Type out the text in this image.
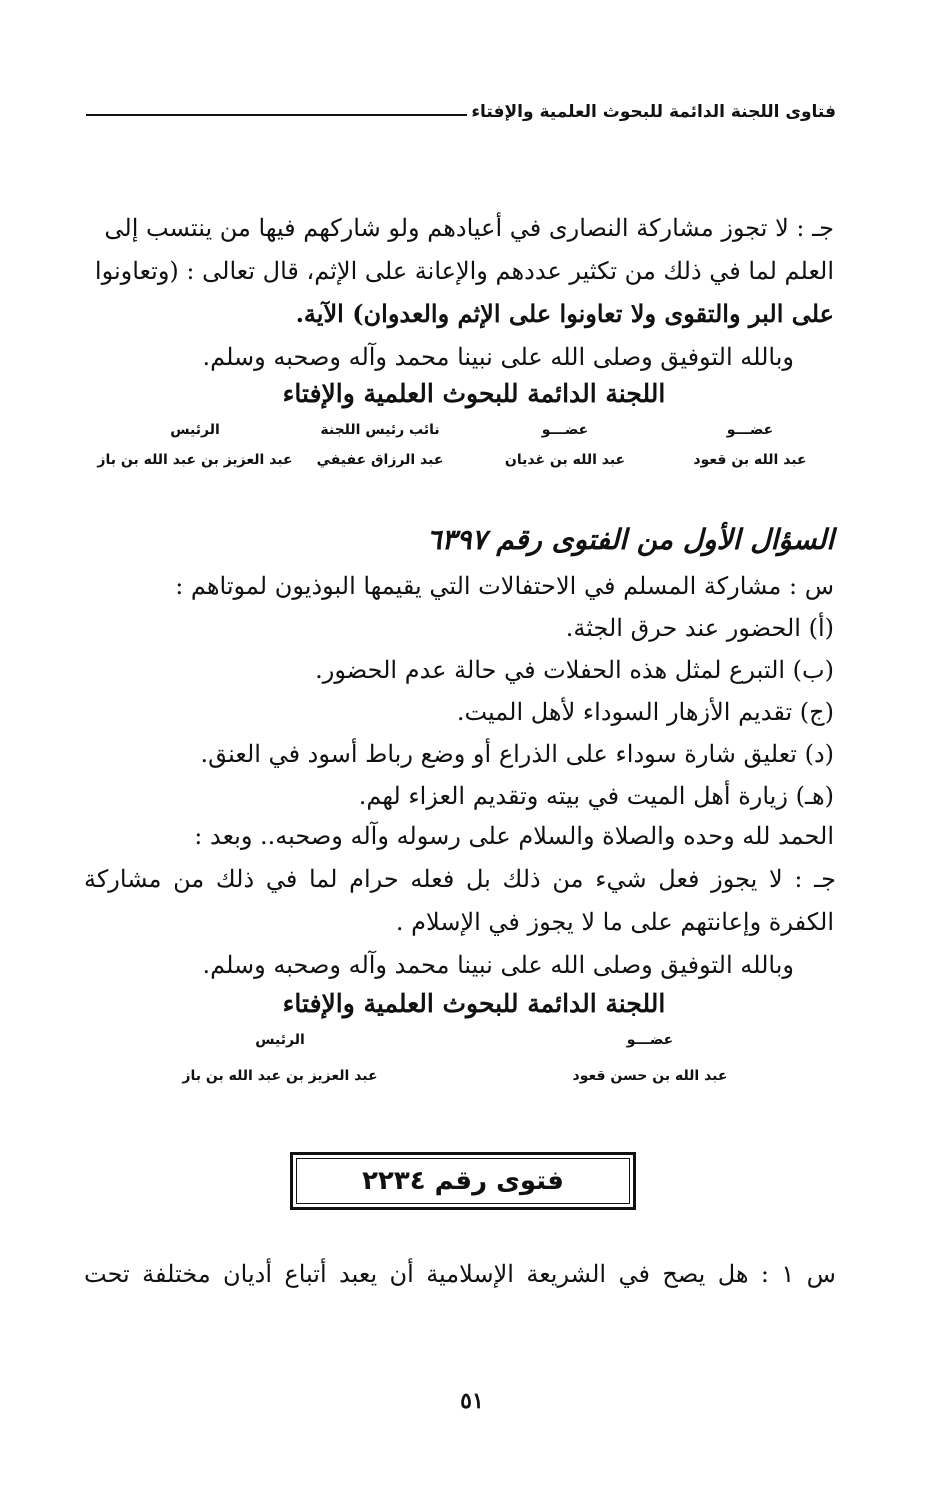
فتاوى اللجنة الدائمة للبحوث العلمية والإفتاء
جـ : لا تجوز مشاركة النصارى في أعيادهم ولو شاركهم فيها من ينتسب إلى
العلم لما في ذلك من تكثير عددهم والإعانة على الإثم، قال تعالى : (وتعاونوا
على البر والتقوى ولا تعاونوا على الإثم والعدوان) الآية.
وبالله التوفيق وصلى الله على نبينا محمد وآله وصحبه وسلم.
اللجنة الدائمة للبحوث العلمية والإفتاء
الرئيس
عبد العزيز بن عبد الله بن باز
نائب رئيس اللجنة
عبد الرزاق عفيفي
عضـــو
عبد الله بن غديان
عضـــو
عبد الله بن قعود
السؤال الأول من الفتوى رقم ٦٣٩٧
س : مشاركة المسلم في الاحتفالات التي يقيمها البوذيون لموتاهم :
(أ) الحضور عند حرق الجثة.
(ب) التبرع لمثل هذه الحفلات في حالة عدم الحضور.
(ج) تقديم الأزهار السوداء لأهل الميت.
(د) تعليق شارة سوداء على الذراع أو وضع رباط أسود في العنق.
(هـ) زيارة أهل الميت في بيته وتقديم العزاء لهم.
الحمد لله وحده والصلاة والسلام على رسوله وآله وصحبه.. وبعد :
جـ : لا يجوز فعل شيء من ذلك بل فعله حرام لما في ذلك من مشاركة
الكفرة وإعانتهم على ما لا يجوز في الإسلام .
وبالله التوفيق وصلى الله على نبينا محمد وآله وصحبه وسلم.
اللجنة الدائمة للبحوث العلمية والإفتاء
الرئيس
عبد العزيز بن عبد الله بن باز
عضـــو
عبد الله بن حسن قعود
فتوى رقم ٢٢٣٤
س ١ : هل يصح في الشريعة الإسلامية أن يعبد أتباع أديان مختلفة تحت
٥١
